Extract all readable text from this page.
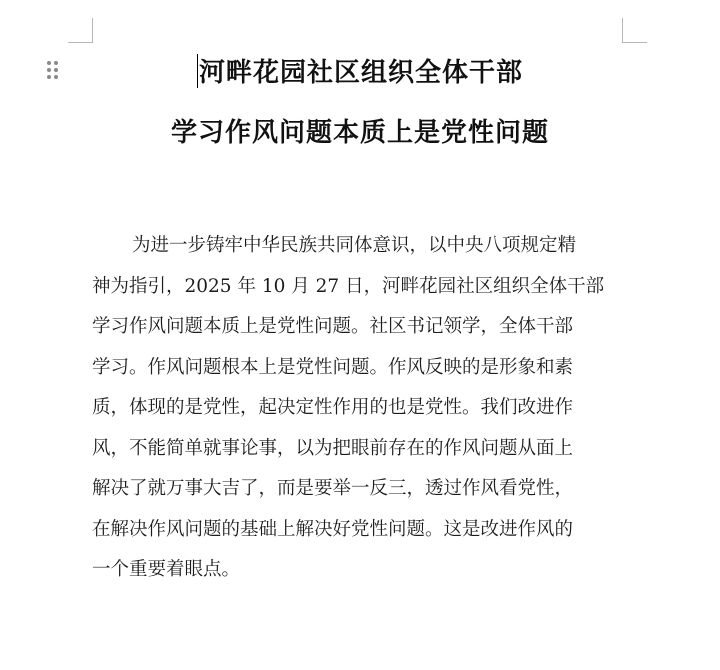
河畔花园社区组织全体干部
学习作风问题本质上是党性问题
为进一步铸牢中华民族共同体意识，以中央八项规定精
神为指引，2025 年 10 月 27 日，河畔花园社区组织全体干部
学习作风问题本质上是党性问题。社区书记领学，全体干部
学习。作风问题根本上是党性问题。作风反映的是形象和素
质，体现的是党性，起决定性作用的也是党性。我们改进作
风，不能简单就事论事，以为把眼前存在的作风问题从面上
解决了就万事大吉了，而是要举一反三，透过作风看党性，
在解决作风问题的基础上解决好党性问题。这是改进作风的
一个重要着眼点。
